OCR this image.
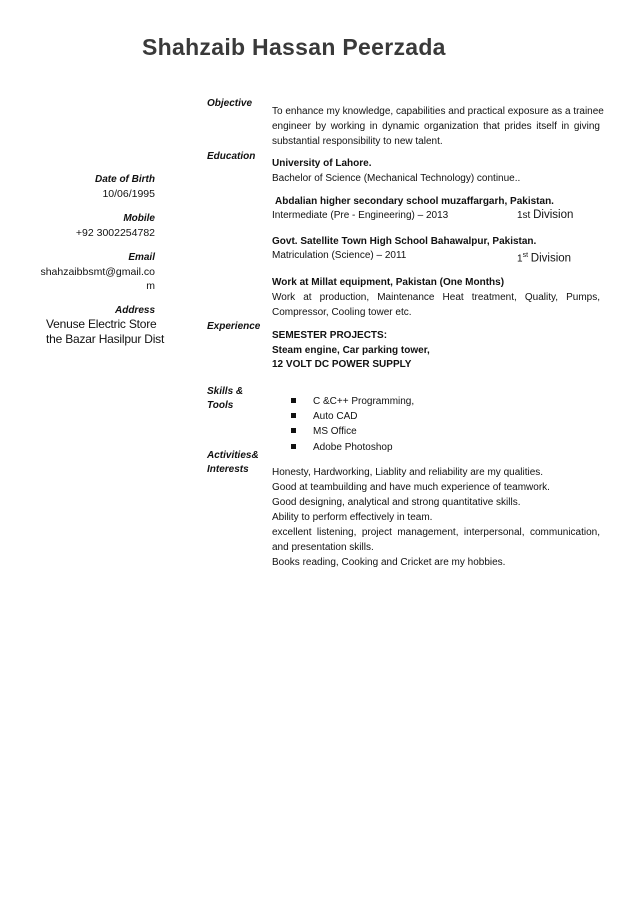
Shahzaib Hassan Peerzada
Date of Birth
10/06/1995
Mobile
+92 3002254782
Email
shahzaibbsmt@gmail.co
m
Address
Venuse Electric Store
the Bazar Hasilpur Dist
Objective
Education
Experience
Skills &
Tools
Activities&
Interests
To enhance my knowledge, capabilities and practical exposure as a trainee
engineer by working in dynamic organization that prides itself in giving
substantial responsibility to new talent.
University of Lahore.
Bachelor of Science (Mechanical Technology) continue..
Abdalian higher secondary school muzaffargarh, Pakistan.
Intermediate (Pre - Engineering) – 2013	1st Division
Govt. Satellite Town High School Bahawalpur, Pakistan.
Matriculation (Science) – 2011	1st Division
Work at Millat equipment, Pakistan (One Months)
Work at production, Maintenance Heat treatment, Quality, Pumps,
Compressor, Cooling tower etc.
SEMESTER PROJECTS:
Steam engine, Car parking tower,
12 VOLT DC POWER SUPPLY
C &C++ Programming,
Auto CAD
MS Office
Adobe Photoshop
Honesty, Hardworking, Liablity and reliability are my qualities.
Good at teambuilding and have much experience of teamwork.
Good designing, analytical and strong quantitative skills.
Ability to perform effectively in team.
excellent listening, project management, interpersonal, communication,
and presentation skills.
Books reading, Cooking and Cricket are my hobbies.
